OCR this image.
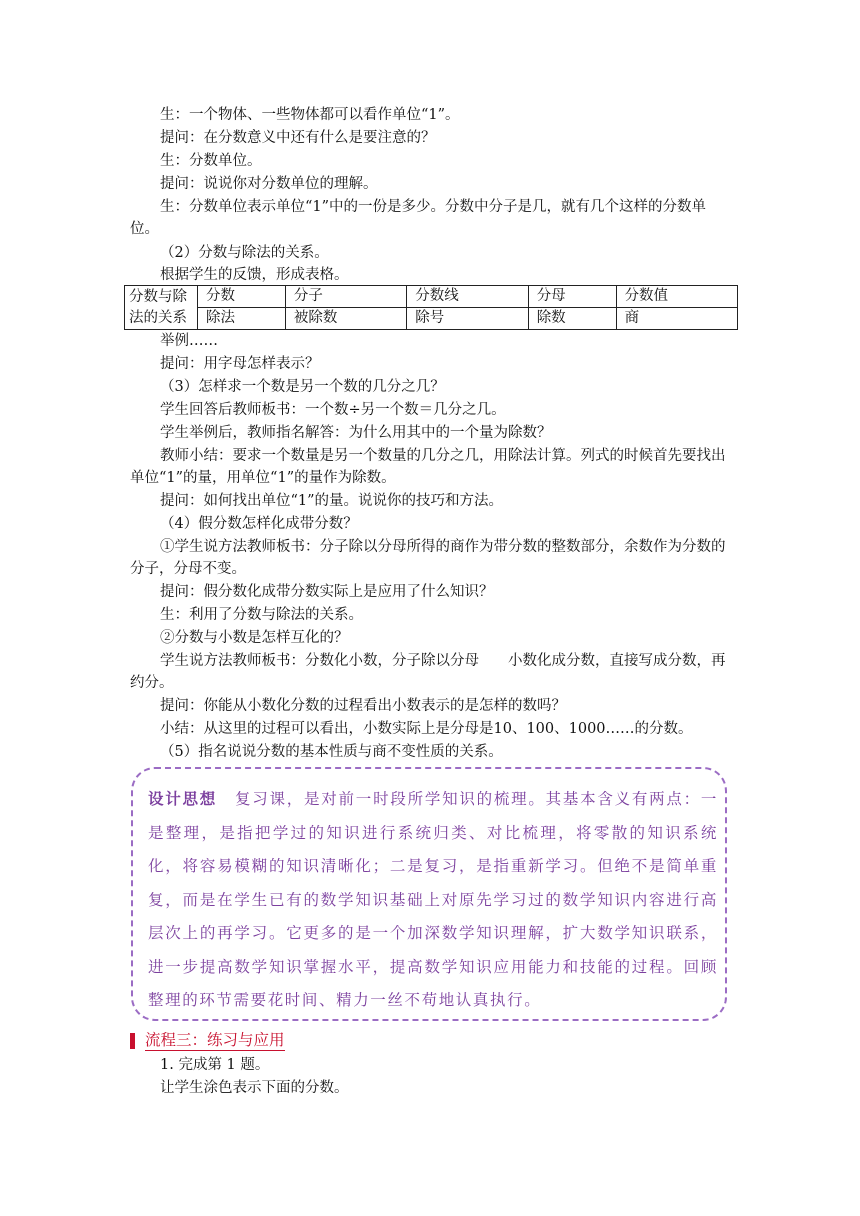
生：一个物体、一些物体都可以看作单位“1”。
提问：在分数意义中还有什么是要注意的？
生：分数单位。
提问：说说你对分数单位的理解。
生：分数单位表示单位“1”中的一份是多少。分数中分子是几，就有几个这样的分数单位。
（2）分数与除法的关系。
根据学生的反馈，形成表格。
分数与除法的关系	分数	分子	分数线	分母	分数值
	除法	被除数	除号	除数	商
举例……
提问：用字母怎样表示？
（3）怎样求一个数是另一个数的几分之几？
学生回答后教师板书：一个数÷另一个数＝几分之几。
学生举例后，教师指名解答：为什么用其中的一个量为除数？
教师小结：要求一个数量是另一个数量的几分之几，用除法计算。列式的时候首先要找出单位“1”的量，用单位“1”的量作为除数。
提问：如何找出单位“1”的量。说说你的技巧和方法。
（4）假分数怎样化成带分数？
①学生说方法教师板书：分子除以分母所得的商作为带分数的整数部分，余数作为分数的分子，分母不变。
提问：假分数化成带分数实际上是应用了什么知识？
生：利用了分数与除法的关系。
②分数与小数是怎样互化的？
学生说方法教师板书：分数化小数，分子除以分母　　小数化成分数，直接写成分数，再约分。
提问：你能从小数化分数的过程看出小数表示的是怎样的数吗？
小结：从这里的过程可以看出，小数实际上是分母是10、100、1000……的分数。
（5）指名说说分数的基本性质与商不变性质的关系。
设计思想 复习课，是对前一时段所学知识的梳理。其基本含义有两点：一是整理，是指把学过的知识进行系统归类、对比梳理，将零散的知识系统化，将容易模糊的知识清晰化；二是复习，是指重新学习。但绝不是简单重复，而是在学生已有的数学知识基础上对原先学习过的数学知识内容进行高层次上的再学习。它更多的是一个加深数学知识理解，扩大数学知识联系，进一步提高数学知识掌握水平，提高数学知识应用能力和技能的过程。回顾整理的环节需要花时间、精力一丝不苟地认真执行。
流程三：练习与应用
1. 完成第 1 题。
让学生涂色表示下面的分数。
